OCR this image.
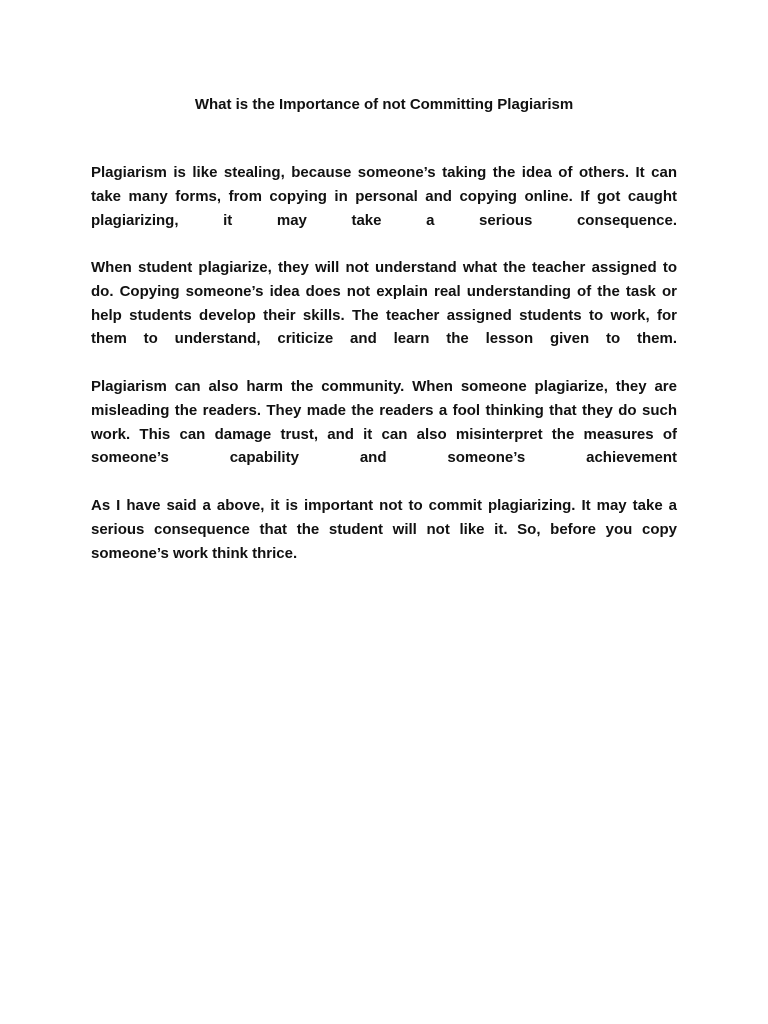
What is the Importance of not Committing Plagiarism

Plagiarism is like stealing, because someone’s taking the idea of others. It can take many forms, from copying in personal and copying online. If got caught plagiarizing, it may take a serious consequence.

When student plagiarize, they will not understand what the teacher assigned to do. Copying someone’s idea does not explain real understanding of the task or help students develop their skills. The teacher assigned students to work, for them to understand, criticize and learn the lesson given to them.

Plagiarism can also harm the community. When someone plagiarize, they are misleading the readers. They made the readers a fool thinking that they do such work. This can damage trust, and it can also misinterpret the measures of someone’s capability and someone’s achievement

As I have said a above, it is important not to commit plagiarizing. It may take a serious consequence that the student will not like it. So, before you copy someone’s work think thrice.
